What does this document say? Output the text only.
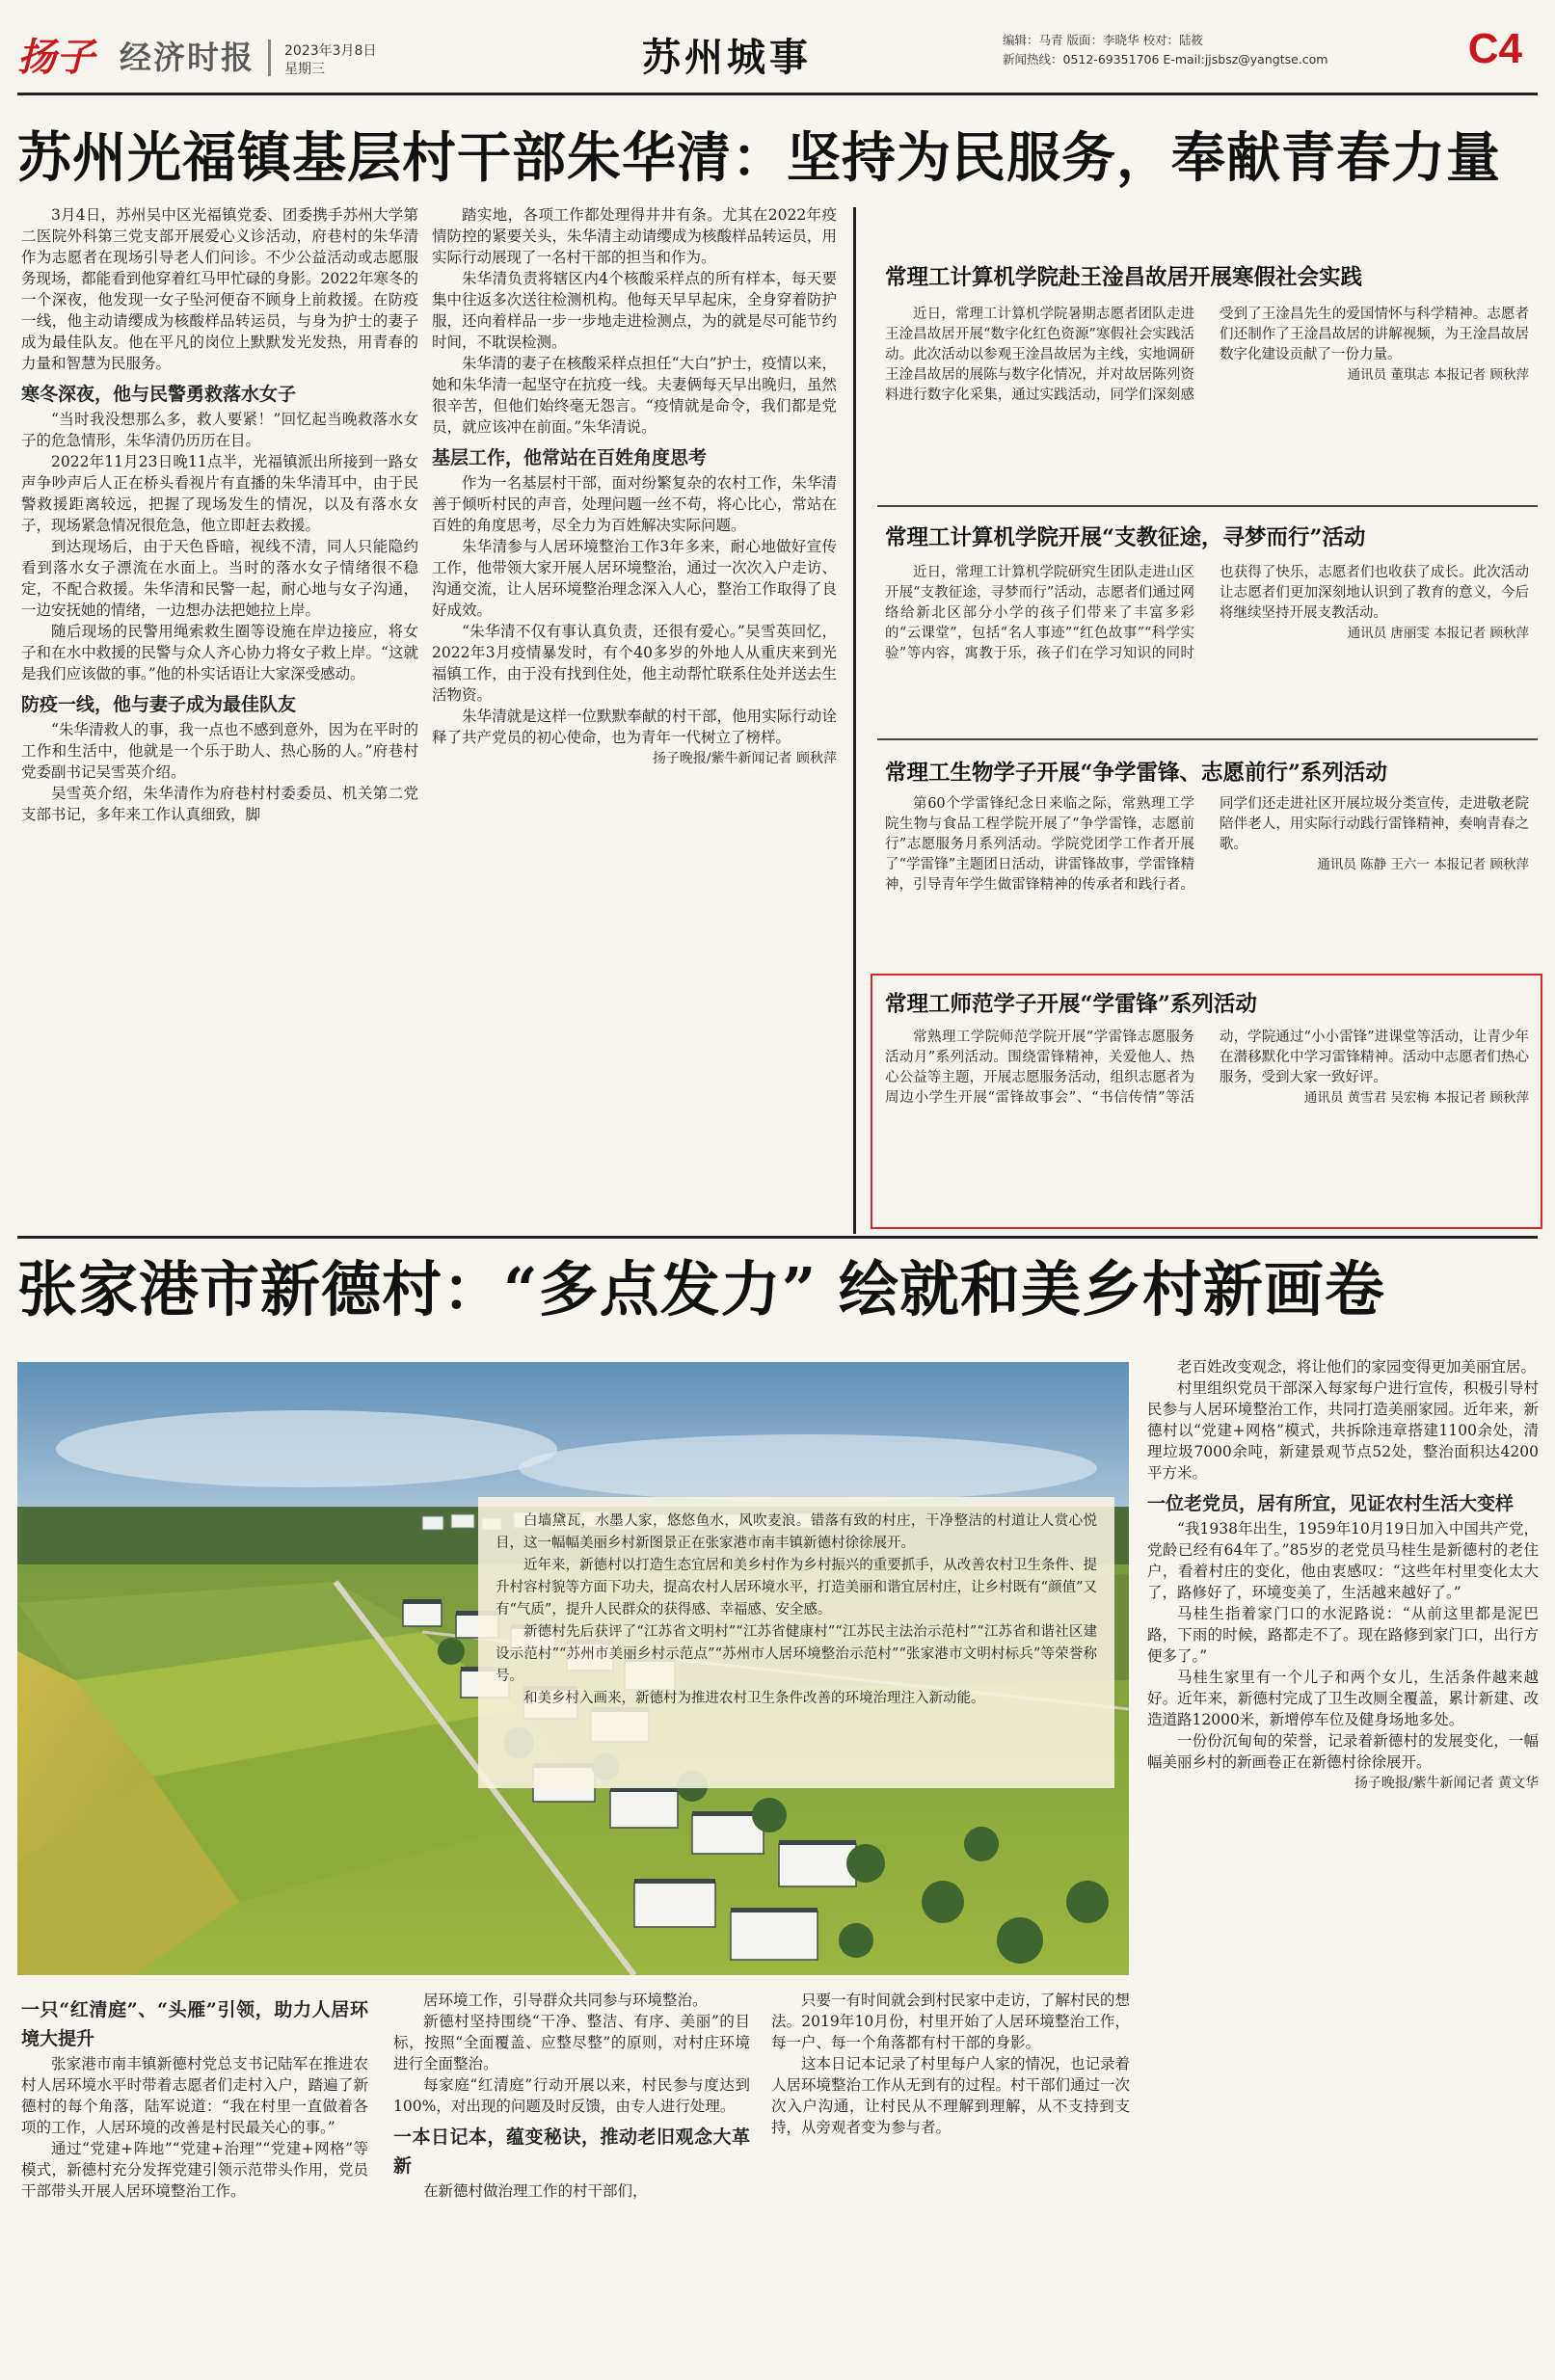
扬子 经济时报 2023年3月8日
星期三	苏州城事	编辑：马青 版面：李晓华 校对：陆筱
新闻热线：0512-69351706 E-mail:jjsbsz@yangtse.com	C4
苏州光福镇基层村干部朱华清：坚持为民服务，奉献青春力量

3月4日，苏州吴中区光福镇党委、团委携手苏州大学第二医院外科第三党支部开展爱心义诊活动，府巷村的朱华清作为志愿者在现场引导老人们问诊。不少公益活动或志愿服务现场，都能看到他穿着红马甲忙碌的身影。2022年寒冬的一个深夜，他发现一女子坠河便奋不顾身上前救援。在防疫一线，他主动请缨成为核酸样品转运员，与身为护士的妻子成为最佳队友。他在平凡的岗位上默默发光发热，用青春的力量和智慧为民服务。

寒冬深夜，他与民警勇救落水女子

“当时我没想那么多，救人要紧！”回忆起当晚救落水女子的危急情形，朱华清仍历历在目。

2022年11月23日晚11点半，光福镇派出所接到一路女声争吵声后人正在桥头看视片有直播的朱华清耳中，由于民警救援距离较远，把握了现场发生的情况，以及有落水女子，现场紧急情况很危急，他立即赶去救援。

到达现场后，由于天色昏暗，视线不清，同人只能隐约看到落水女子漂流在水面上。当时的落水女子情绪很不稳定，不配合救援。朱华清和民警一起，耐心地与女子沟通，一边安抚她的情绪，一边想办法把她拉上岸。

随后现场的民警用绳索救生圈等设施在岸边接应，将女子和在水中救援的民警与众人齐心协力将女子救上岸。“这就是我们应该做的事。”他的朴实话语让大家深受感动。

防疫一线，他与妻子成为最佳队友

“朱华清救人的事，我一点也不感到意外，因为在平时的工作和生活中，他就是一个乐于助人、热心肠的人。”府巷村党委副书记吴雪英介绍。

吴雪英介绍，朱华清作为府巷村村委委员、机关第二党支部书记，多年来工作认真细致，脚

踏实地，各项工作都处理得井井有条。尤其在2022年疫情防控的紧要关头，朱华清主动请缨成为核酸样品转运员，用实际行动展现了一名村干部的担当和作为。

朱华清负责将辖区内4个核酸采样点的所有样本，每天要集中往返多次送往检测机构。他每天早早起床，全身穿着防护服，还向着样品一步一步地走进检测点，为的就是尽可能节约时间，不耽误检测。

朱华清的妻子在核酸采样点担任“大白”护士，疫情以来，她和朱华清一起坚守在抗疫一线。夫妻俩每天早出晚归，虽然很辛苦，但他们始终毫无怨言。“疫情就是命令，我们都是党员，就应该冲在前面。”朱华清说。

基层工作，他常站在百姓角度思考

作为一名基层村干部，面对纷繁复杂的农村工作，朱华清善于倾听村民的声音，处理问题一丝不苟，将心比心，常站在百姓的角度思考，尽全力为百姓解决实际问题。

朱华清参与人居环境整治工作3年多来，耐心地做好宣传工作，他带领大家开展人居环境整治，通过一次次入户走访、沟通交流，让人居环境整治理念深入人心，整治工作取得了良好成效。

“朱华清不仅有事认真负责，还很有爱心。”吴雪英回忆，2022年3月疫情暴发时，有个40多岁的外地人从重庆来到光福镇工作，由于没有找到住处，他主动帮忙联系住处并送去生活物资。

朱华清就是这样一位默默奉献的村干部，他用实际行动诠释了共产党员的初心使命，也为青年一代树立了榜样。

扬子晚报/紫牛新闻记者 顾秋萍

常理工计算机学院赴王淦昌故居开展寒假社会实践

近日，常理工计算机学院暑期志愿者团队走进王淦昌故居开展“数字化红色资源”寒假社会实践活动。此次活动以参观王淦昌故居为主线，实地调研王淦昌故居的展陈与数字化情况，并对故居陈列资料进行数字化采集，通过实践活动，同学们深刻感受到了王淦昌先生的爱国情怀与科学精神。志愿者们还制作了王淦昌故居的讲解视频，为王淦昌故居数字化建设贡献了一份力量。

通讯员 董琪志 本报记者 顾秋萍

常理工计算机学院开展“支教征途，寻梦而行”活动

近日，常理工计算机学院研究生团队走进山区开展“支教征途，寻梦而行”活动，志愿者们通过网络给新北区部分小学的孩子们带来了丰富多彩的“云课堂”，包括“名人事迹”“红色故事”“科学实验”等内容，寓教于乐，孩子们在学习知识的同时也获得了快乐，志愿者们也收获了成长。此次活动让志愿者们更加深刻地认识到了教育的意义，今后将继续坚持开展支教活动。

通讯员 唐丽雯 本报记者 顾秋萍

常理工生物学子开展“争学雷锋、志愿前行”系列活动

第60个学雷锋纪念日来临之际，常熟理工学院生物与食品工程学院开展了“争学雷锋，志愿前行”志愿服务月系列活动。学院党团学工作者开展了“学雷锋”主题团日活动，讲雷锋故事，学雷锋精神，引导青年学生做雷锋精神的传承者和践行者。同学们还走进社区开展垃圾分类宣传，走进敬老院陪伴老人，用实际行动践行雷锋精神，奏响青春之歌。

通讯员 陈静 王六一 本报记者 顾秋萍

常理工师范学子开展“学雷锋”系列活动

常熟理工学院师范学院开展“学雷锋志愿服务活动月”系列活动。围绕雷锋精神，关爱他人、热心公益等主题，开展志愿服务活动，组织志愿者为周边小学生开展“雷锋故事会”、“书信传情”等活动，学院通过“小小雷锋”进课堂等活动，让青少年在潜移默化中学习雷锋精神。活动中志愿者们热心服务，受到大家一致好评。

通讯员 黄雪君 吴宏梅 本报记者 顾秋萍

张家港市新德村：“多点发力” 绘就和美乡村新画卷

白墙黛瓦，水墨人家，悠悠鱼水，风吹麦浪。错落有致的村庄，干净整洁的村道让人赏心悦目，这一幅幅美丽乡村新图景正在张家港市南丰镇新德村徐徐展开。

近年来，新德村以打造生态宜居和美乡村作为乡村振兴的重要抓手，从改善农村卫生条件、提升村容村貌等方面下功夫，提高农村人居环境水平，打造美丽和谐宜居村庄，让乡村既有“颜值”又有“气质”，提升人民群众的获得感、幸福感、安全感。

新德村先后获评了“江苏省文明村”“江苏省健康村”“江苏民主法治示范村”“江苏省和谐社区建设示范村”“苏州市美丽乡村示范点”“苏州市人居环境整治示范村”“张家港市文明村标兵”等荣誉称号。

和美乡村入画来，新德村为推进农村卫生条件改善的环境治理注入新动能。

老百姓改变观念，将让他们的家园变得更加美丽宜居。

村里组织党员干部深入每家每户进行宣传，积极引导村民参与人居环境整治工作，共同打造美丽家园。近年来，新德村以“党建+网格”模式，共拆除违章搭建1100余处，清理垃圾7000余吨，新建景观节点52处，整治面积达4200平方米。

一位老党员，居有所宜，见证农村生活大变样

“我1938年出生，1959年10月19日加入中国共产党，党龄已经有64年了。”85岁的老党员马桂生是新德村的老住户，看着村庄的变化，他由衷感叹：“这些年村里变化太大了，路修好了，环境变美了，生活越来越好了。”

马桂生指着家门口的水泥路说：“从前这里都是泥巴路，下雨的时候，路都走不了。现在路修到家门口，出行方便多了。”

马桂生家里有一个儿子和两个女儿，生活条件越来越好。近年来，新德村完成了卫生改厕全覆盖，累计新建、改造道路12000米，新增停车位及健身场地多处。

一份份沉甸甸的荣誉，记录着新德村的发展变化，一幅幅美丽乡村的新画卷正在新德村徐徐展开。

扬子晚报/紫牛新闻记者 黄文华

一只“红清庭”、“头雁”引领，助力人居环境大提升

张家港市南丰镇新德村党总支书记陆军在推进农村人居环境水平时带着志愿者们走村入户，踏遍了新德村的每个角落，陆军说道：“我在村里一直做着各项的工作，人居环境的改善是村民最关心的事。”

通过“党建+阵地”“党建+治理”“党建+网格”等模式，新德村充分发挥党建引领示范带头作用，党员干部带头开展人居环境整治工作。

居环境工作，引导群众共同参与环境整治。

新德村坚持围绕“干净、整洁、有序、美丽”的目标，按照“全面覆盖、应整尽整”的原则，对村庄环境进行全面整治。

每家庭“红清庭”行动开展以来，村民参与度达到100%，对出现的问题及时反馈，由专人进行处理。

一本日记本，蕴变秘诀，推动老旧观念大革新

在新德村做治理工作的村干部们，

只要一有时间就会到村民家中走访，了解村民的想法。2019年10月份，村里开始了人居环境整治工作，每一户、每一个角落都有村干部的身影。

这本日记本记录了村里每户人家的情况，也记录着人居环境整治工作从无到有的过程。村干部们通过一次次入户沟通，让村民从不理解到理解，从不支持到支持，从旁观者变为参与者。
